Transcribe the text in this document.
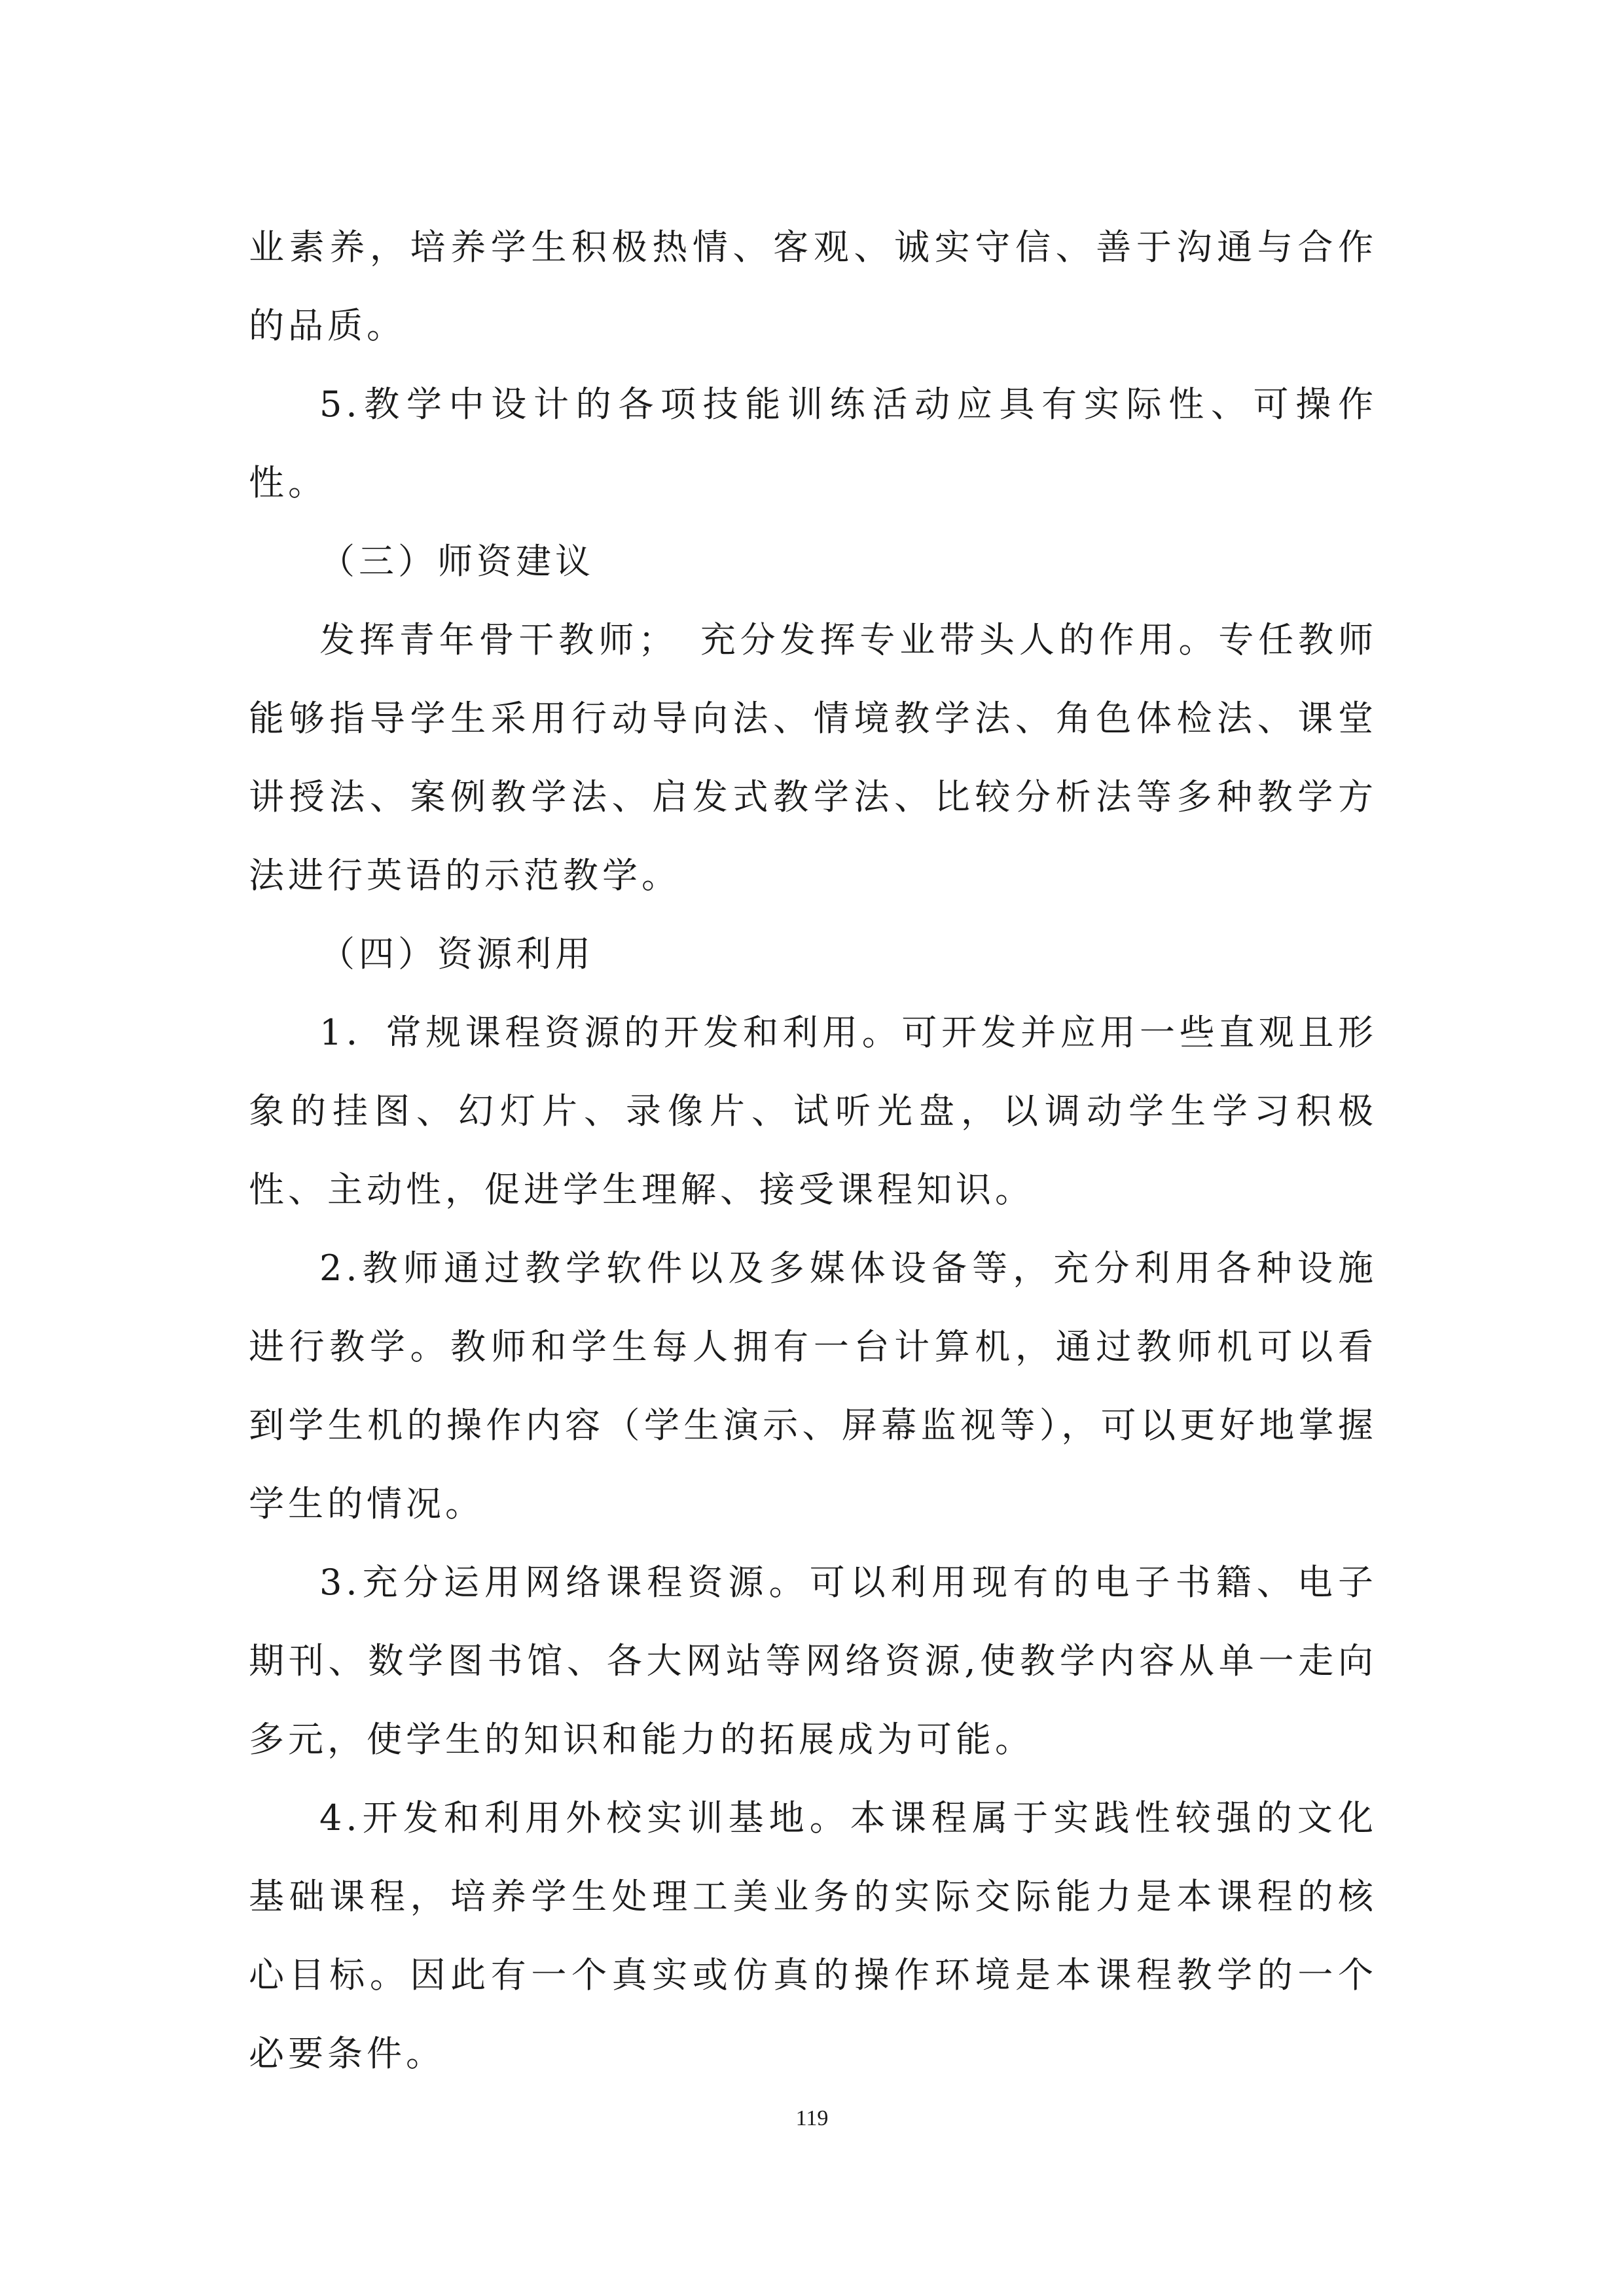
业素养，培养学生积极热情、客观、诚实守信、善于沟通与合作的品质。

5.教学中设计的各项技能训练活动应具有实际性、可操作性。

（三）师资建议

发挥青年骨干教师；　充分发挥专业带头人的作用。专任教师能够指导学生采用行动导向法、情境教学法、角色体检法、课堂讲授法、案例教学法、启发式教学法、比较分析法等多种教学方法进行英语的示范教学。

（四）资源利用

1．常规课程资源的开发和利用。可开发并应用一些直观且形象的挂图、幻灯片、录像片、试听光盘，以调动学生学习积极性、主动性，促进学生理解、接受课程知识。

2.教师通过教学软件以及多媒体设备等，充分利用各种设施进行教学。教师和学生每人拥有一台计算机，通过教师机可以看到学生机的操作内容（学生演示、屏幕监视等），可以更好地掌握学生的情况。

3.充分运用网络课程资源。可以利用现有的电子书籍、电子期刊、数学图书馆、各大网站等网络资源,使教学内容从单一走向多元，使学生的知识和能力的拓展成为可能。

4.开发和利用外校实训基地。本课程属于实践性较强的文化基础课程，培养学生处理工美业务的实际交际能力是本课程的核心目标。因此有一个真实或仿真的操作环境是本课程教学的一个必要条件。

119
